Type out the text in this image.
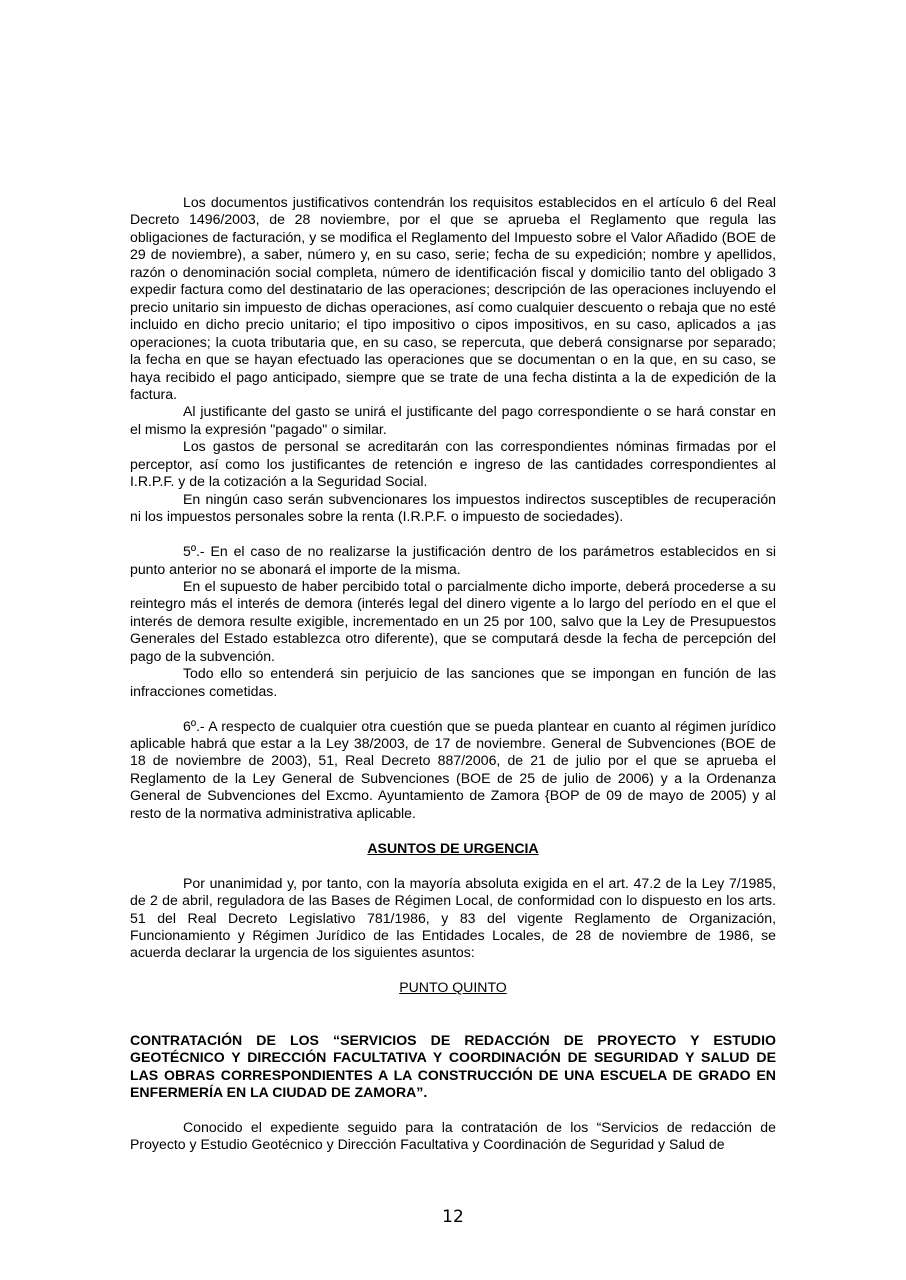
Los documentos justificativos contendrán los requisitos establecidos en el artículo 6 del Real Decreto 1496/2003, de 28 noviembre, por el que se aprueba el Reglamento que regula las obligaciones de facturación, y se modifica el Reglamento del Impuesto sobre el Valor Añadido (BOE de 29 de noviembre), a saber, número y, en su caso, serie; fecha de su expedición; nombre y apellidos, razón o denominación social completa, número de identificación fiscal y domicilio tanto del obligado 3 expedir factura como del destinatario de las operaciones; descripción de las operaciones incluyendo el precio unitario sin impuesto de dichas operaciones, así como cualquier descuento o rebaja que no esté incluido en dicho precio unitario; el tipo impositivo o cipos impositivos, en su caso, aplicados a ¡as operaciones; la cuota tributaria que, en su caso, se repercuta, que deberá consignarse por separado; la fecha en que se hayan efectuado las operaciones que se documentan o en la que, en su caso, se haya recibido el pago anticipado, siempre que se trate de una fecha distinta a la de expedición de la factura.

Al justificante del gasto se unirá el justificante del pago correspondiente o se hará constar en el mismo la expresión "pagado" o similar.

Los gastos de personal se acreditarán con las correspondientes nóminas firmadas por el perceptor, así como los justificantes de retención e ingreso de las cantidades correspondientes al I.R.P.F. y de la cotización a la Seguridad Social.

En ningún caso serán subvencionares los impuestos indirectos susceptibles de recuperación ni los impuestos personales sobre la renta (I.R.P.F. o impuesto de sociedades).

5º.- En el caso de no realizarse la justificación dentro de los parámetros establecidos en si punto anterior no se abonará el importe de la misma.

En el supuesto de haber percibido total o parcialmente dicho importe, deberá procederse a su reintegro más el interés de demora (interés legal del dinero vigente a lo largo del período en el que el interés de demora resulte exigible, incrementado en un 25 por 100, salvo que la Ley de Presupuestos Generales del Estado establezca otro diferente), que se computará desde la fecha de percepción del pago de la subvención.

Todo ello so entenderá sin perjuicio de las sanciones que se impongan en función de las infracciones cometidas.

6º.- A respecto de cualquier otra cuestión que se pueda plantear en cuanto al régimen jurídico aplicable habrá que estar a la Ley 38/2003, de 17 de noviembre. General de Subvenciones (BOE de 18 de noviembre de 2003), 51, Real Decreto 887/2006, de 21 de julio por el que se aprueba el Reglamento de la Ley General de Subvenciones (BOE de 25 de julio de 2006) y a la Ordenanza General de Subvenciones del Excmo. Ayuntamiento de Zamora {BOP de 09 de mayo de 2005) y al resto de la normativa administrativa aplicable.

ASUNTOS DE URGENCIA

Por unanimidad y, por tanto, con la mayoría absoluta exigida en el art. 47.2 de la Ley 7/1985, de 2 de abril, reguladora de las Bases de Régimen Local, de conformidad con lo dispuesto en los arts. 51 del Real Decreto Legislativo 781/1986, y 83 del vigente Reglamento de Organización, Funcionamiento y Régimen Jurídico de las Entidades Locales, de 28 de noviembre de 1986, se acuerda declarar la urgencia de los siguientes asuntos:

PUNTO QUINTO

CONTRATACIÓN DE LOS “SERVICIOS DE REDACCIÓN DE PROYECTO Y ESTUDIO GEOTÉCNICO Y DIRECCIÓN FACULTATIVA Y COORDINACIÓN DE SEGURIDAD Y SALUD DE LAS OBRAS CORRESPONDIENTES A LA CONSTRUCCIÓN DE UNA ESCUELA DE GRADO EN ENFERMERÍA EN LA CIUDAD DE ZAMORA”.

Conocido el expediente seguido para la contratación de los “Servicios de redacción de Proyecto y Estudio Geotécnico y Dirección Facultativa y Coordinación de Seguridad y Salud de

12
